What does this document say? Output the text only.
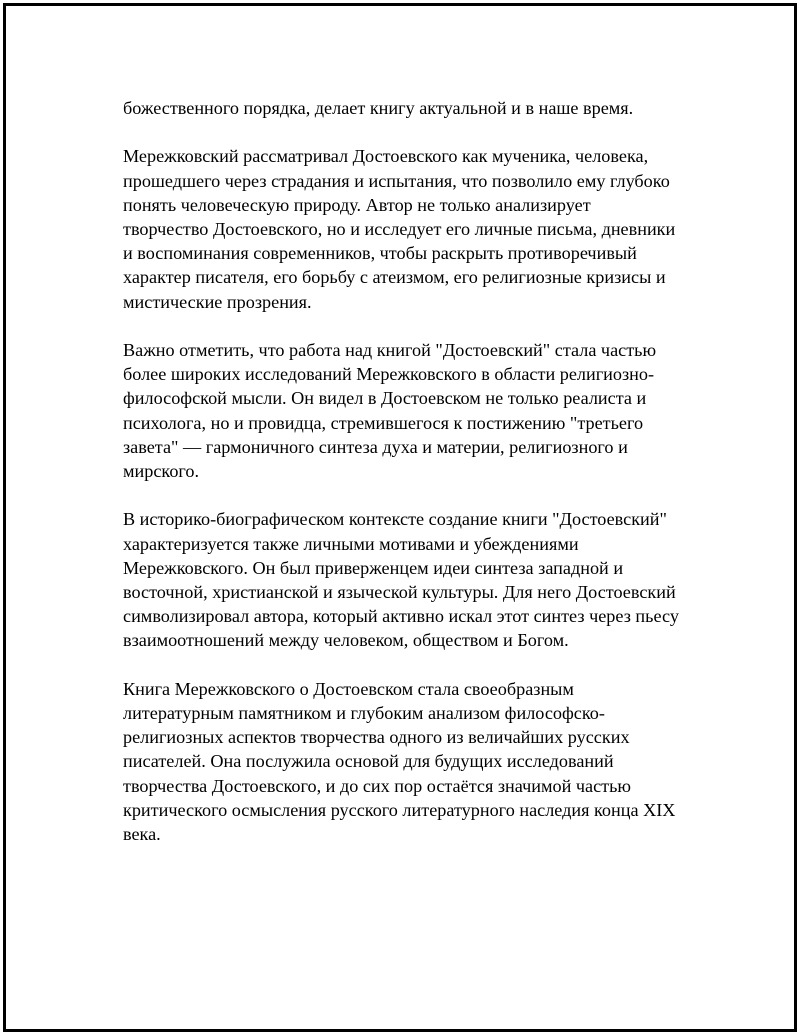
божественного порядка, делает книгу актуальной и в наше время.

Мережковский рассматривал Достоевского как мученика, человека,
прошедшего через страдания и испытания, что позволило ему глубоко
понять человеческую природу. Автор не только анализирует
творчество Достоевского, но и исследует его личные письма, дневники
и воспоминания современников, чтобы раскрыть противоречивый
характер писателя, его борьбу с атеизмом, его религиозные кризисы и
мистические прозрения.

Важно отметить, что работа над книгой "Достоевский" стала частью
более широких исследований Мережковского в области религиозно-
философской мысли. Он видел в Достоевском не только реалиста и
психолога, но и провидца, стремившегося к постижению "третьего
завета" — гармоничного синтеза духа и материи, религиозного и
мирского.

В историко-биографическом контексте создание книги "Достоевский"
характеризуется также личными мотивами и убеждениями
Мережковского. Он был приверженцем идеи синтеза западной и
восточной, христианской и языческой культуры. Для него Достоевский
символизировал автора, который активно искал этот синтез через пьесу
взаимоотношений между человеком, обществом и Богом.

Книга Мережковского о Достоевском стала своеобразным
литературным памятником и глубоким анализом философско-
религиозных аспектов творчества одного из величайших русских
писателей. Она послужила основой для будущих исследований
творчества Достоевского, и до сих пор остаётся значимой частью
критического осмысления русского литературного наследия конца XIX
века.
